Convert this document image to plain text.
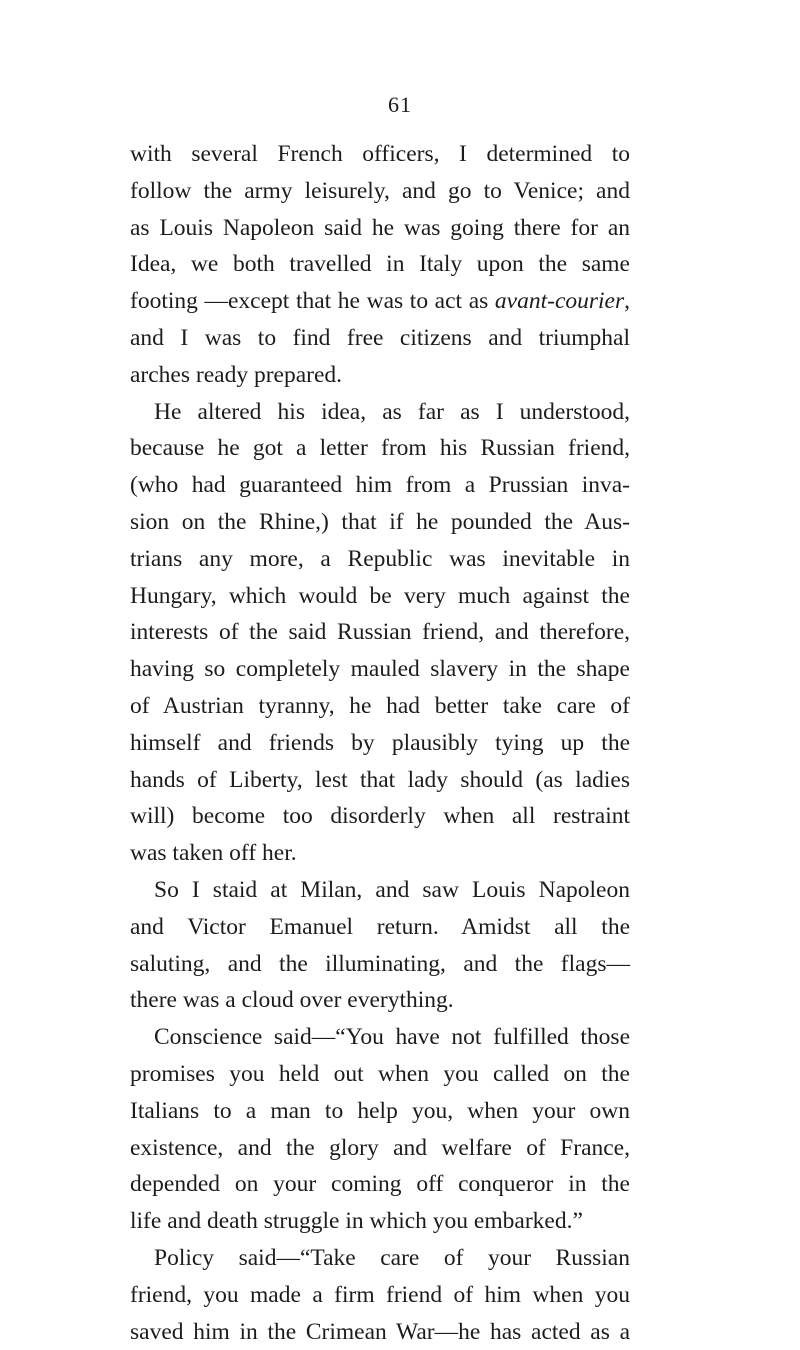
61
with several French officers, I determined to
follow the army leisurely, and go to Venice; and
as Louis Napoleon said he was going there for an
Idea, we both travelled in Italy upon the same
footing —except that he was to act as avant-courier,
and I was to find free citizens and triumphal
arches ready prepared.
He altered his idea, as far as I understood,
because he got a letter from his Russian friend,
(who had guaranteed him from a Prussian inva-
sion on the Rhine,) that if he pounded the Aus-
trians any more, a Republic was inevitable in
Hungary, which would be very much against the
interests of the said Russian friend, and therefore,
having so completely mauled slavery in the shape
of Austrian tyranny, he had better take care of
himself and friends by plausibly tying up the
hands of Liberty, lest that lady should (as ladies
will) become too disorderly when all restraint
was taken off her.
So I staid at Milan, and saw Louis Napoleon
and Victor Emanuel return. Amidst all the
saluting, and the illuminating, and the flags—
there was a cloud over everything.
Conscience said—“You have not fulfilled those
promises you held out when you called on the
Italians to a man to help you, when your own
existence, and the glory and welfare of France,
depended on your coming off conqueror in the
life and death struggle in which you embarked.”
Policy said—“Take care of your Russian
friend, you made a firm friend of him when you
saved him in the Crimean War—he has acted as a
